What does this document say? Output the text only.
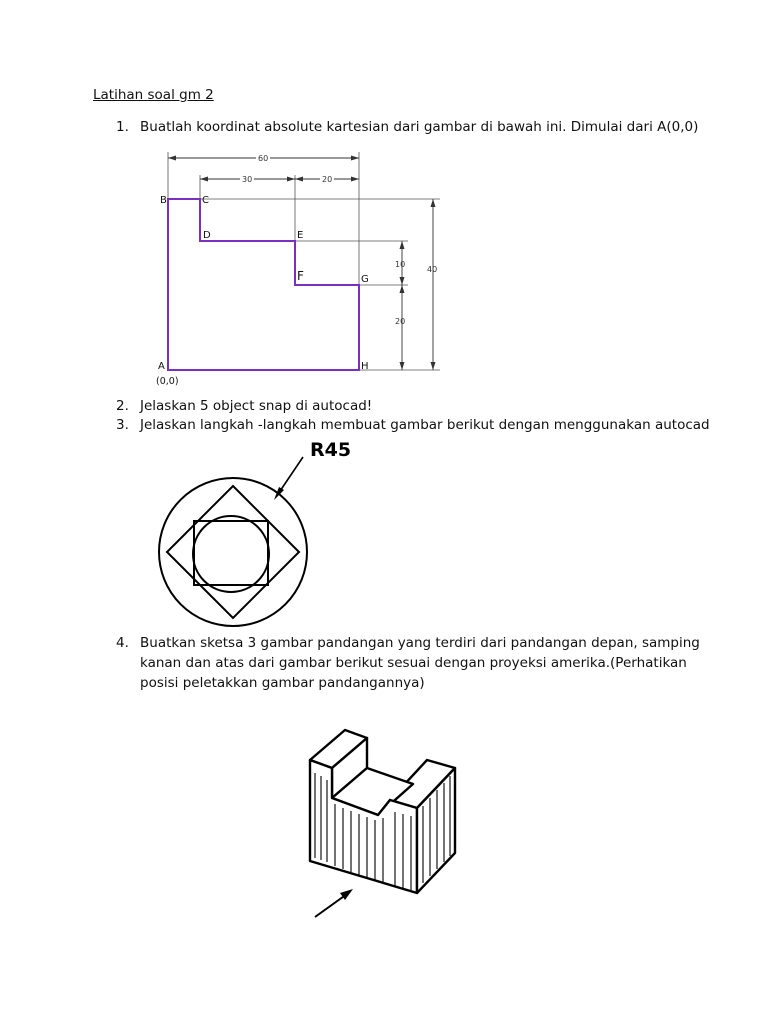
Latihan soal gm 2
1. Buatlah koordinat absolute kartesian dari gambar di bawah ini. Dimulai dari A(0,0)
60
30	20
10
20
40
B	C
D	E
F	G
A	H
(0,0)
2. Jelaskan 5 object snap di autocad!
3. Jelaskan langkah -langkah membuat gambar berikut dengan menggunakan autocad
R45
4. Buatkan sketsa 3 gambar pandangan yang terdiri dari pandangan depan, samping
kanan dan atas dari gambar berikut sesuai dengan proyeksi amerika.(Perhatikan
posisi peletakkan gambar pandangannya)
